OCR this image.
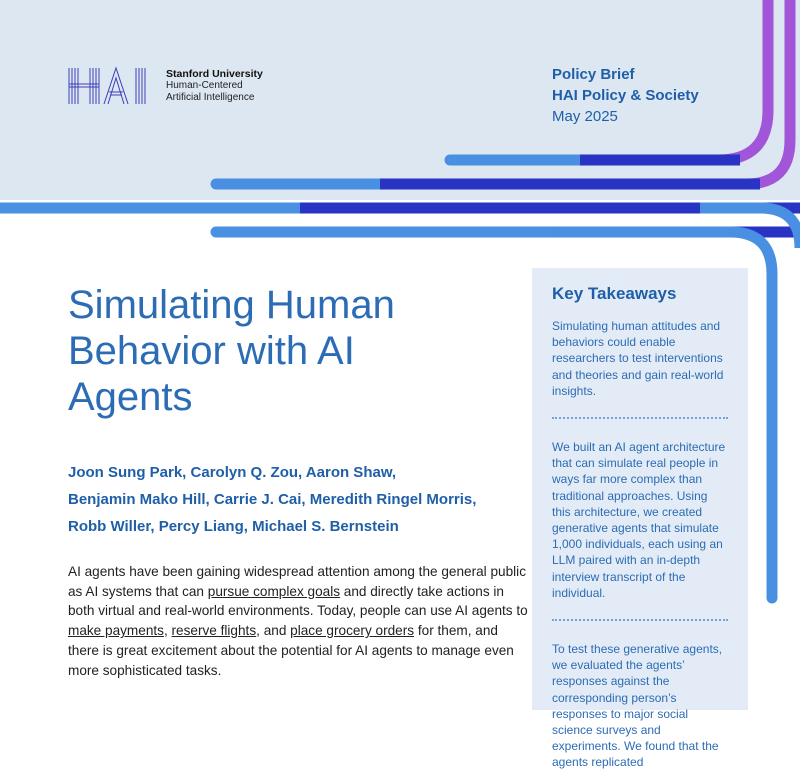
Stanford University
Human-Centered
Artificial Intelligence
Policy Brief
HAI Policy & Society
May 2025
Simulating Human Behavior with AI Agents
Joon Sung Park, Carolyn Q. Zou, Aaron Shaw,
Benjamin Mako Hill, Carrie J. Cai, Meredith Ringel Morris,
Robb Willer, Percy Liang, Michael S. Bernstein

AI agents have been gaining widespread attention among the general public as AI systems that can pursue complex goals and directly take actions in both virtual and real-world environments. Today, people can use AI agents to make payments, reserve flights, and place grocery orders for them, and there is great excitement about the potential for AI agents to manage even more sophisticated tasks.

Key Takeaways

Simulating human attitudes and behaviors could enable researchers to test interventions and theories and gain real-world insights.

We built an AI agent architecture that can simulate real people in ways far more complex than traditional approaches. Using this architecture, we created generative agents that simulate 1,000 individuals, each using an LLM paired with an in-depth interview transcript of the individual.

To test these generative agents, we evaluated the agents’ responses against the corresponding person’s responses to major social science surveys and experiments. We found that the agents replicated
